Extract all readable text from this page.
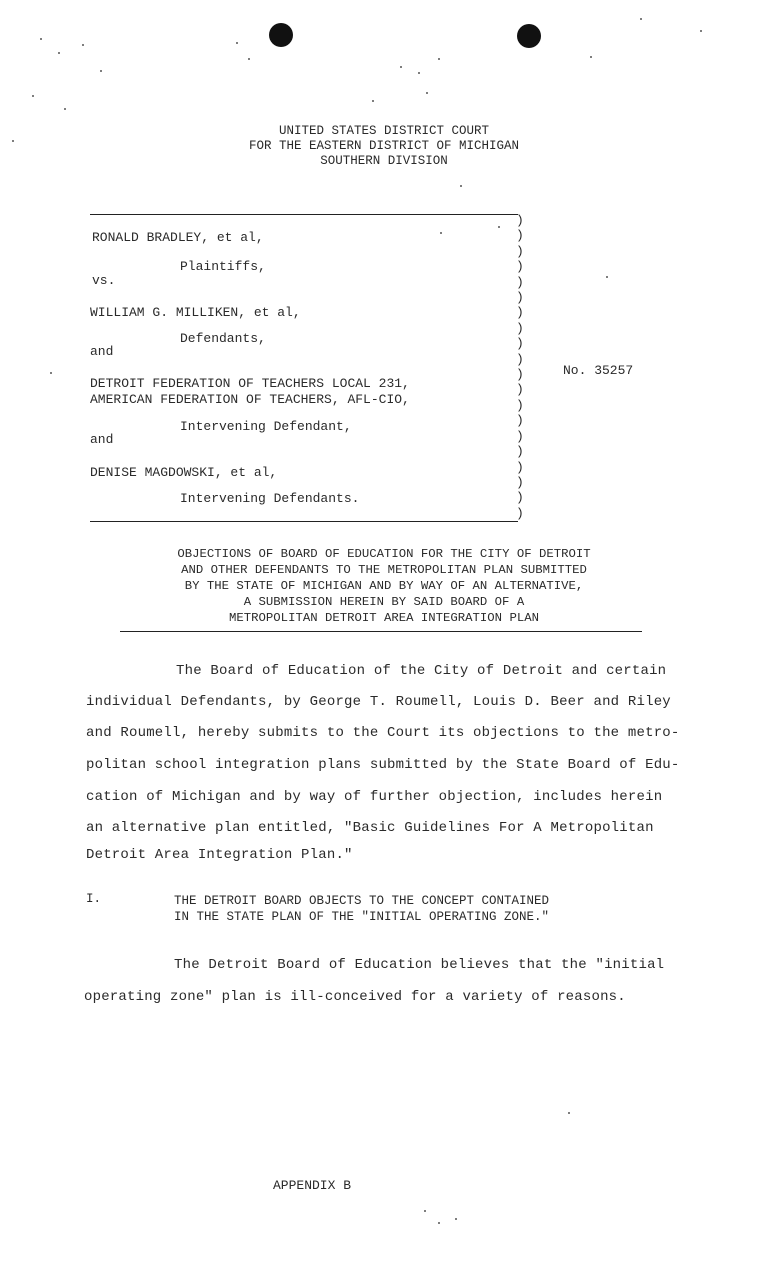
UNITED STATES DISTRICT COURT
FOR THE EASTERN DISTRICT OF MICHIGAN
SOUTHERN DIVISION
RONALD BRADLEY, et al,
Plaintiffs,
vs.
WILLIAM G. MILLIKEN, et al,
Defendants,
and
DETROIT FEDERATION OF TEACHERS LOCAL 231,
AMERICAN FEDERATION OF TEACHERS, AFL-CIO,
Intervening Defendant,
and
DENISE MAGDOWSKI, et al,
Intervening Defendants.
)
)
)
)
)
)
)
)
)
)
)
)
)
)
)
)
)
)
)
)
No. 35257
OBJECTIONS OF BOARD OF EDUCATION FOR THE CITY OF DETROIT
AND OTHER DEFENDANTS TO THE METROPOLITAN PLAN SUBMITTED
BY THE STATE OF MICHIGAN AND BY WAY OF AN ALTERNATIVE,
A SUBMISSION HEREIN BY SAID BOARD OF A
METROPOLITAN DETROIT AREA INTEGRATION PLAN
The Board of Education of the City of Detroit and certain
individual Defendants, by George T. Roumell, Louis D. Beer and Riley
and Roumell, hereby submits to the Court its objections to the metro-
politan school integration plans submitted by the State Board of Edu-
cation of Michigan and by way of further objection, includes herein
an alternative plan entitled, "Basic Guidelines For A Metropolitan
Detroit Area Integration Plan."
I.	THE DETROIT BOARD OBJECTS TO THE CONCEPT CONTAINED
IN THE STATE PLAN OF THE "INITIAL OPERATING ZONE."
The Detroit Board of Education believes that the "initial
operating zone" plan is ill-conceived for a variety of reasons.
APPENDIX B
